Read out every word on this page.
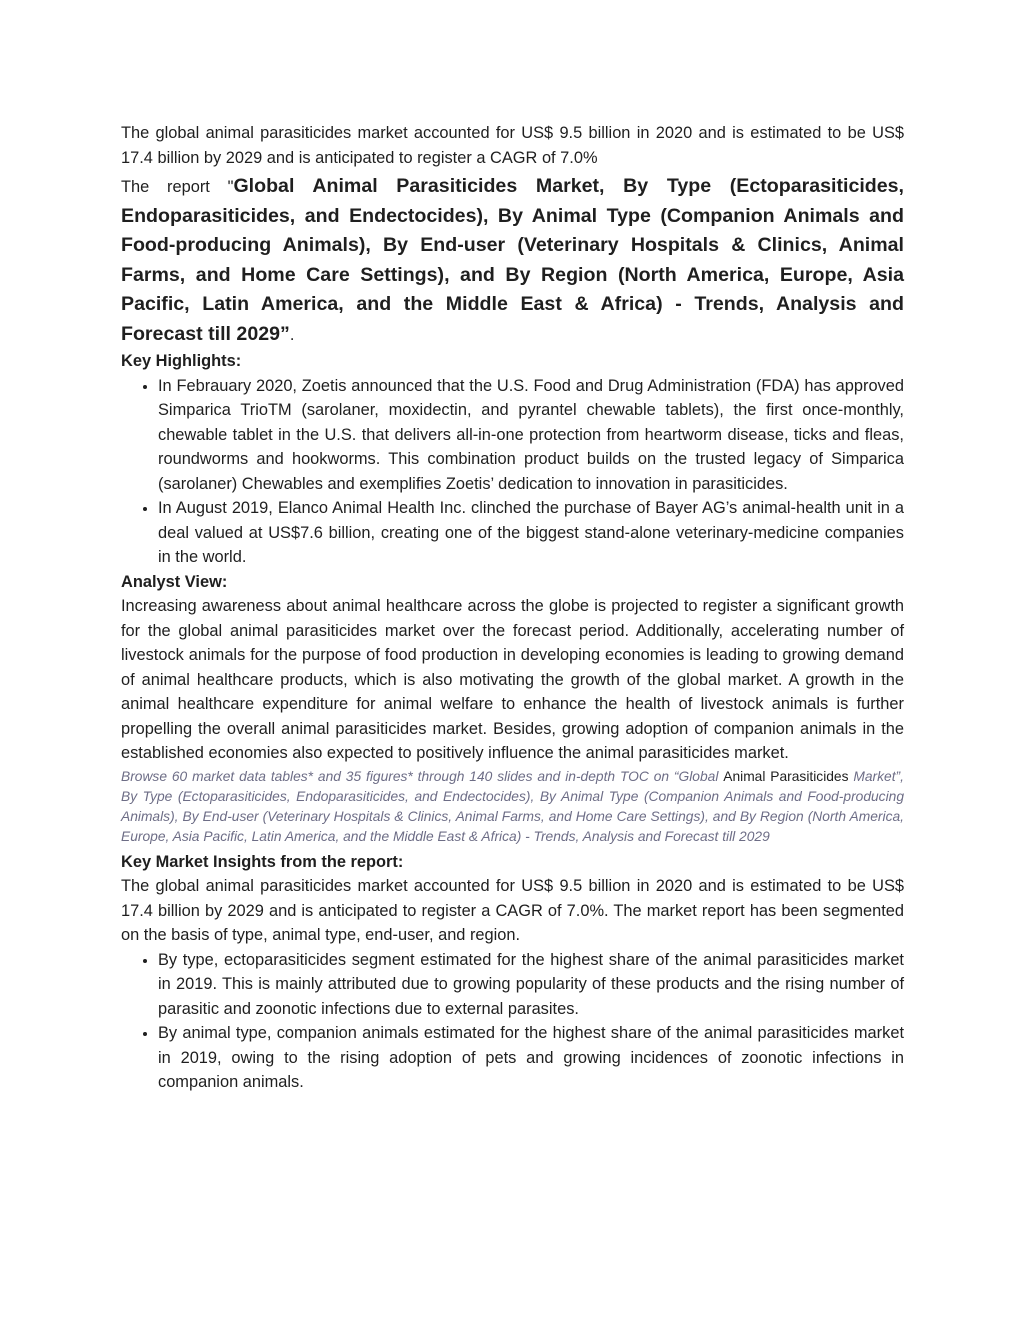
The global animal parasiticides market accounted for US$ 9.5 billion in 2020 and is estimated to be US$ 17.4 billion by 2029 and is anticipated to register a CAGR of 7.0%

The report "Global Animal Parasiticides Market, By Type (Ectoparasiticides, Endoparasiticides, and Endectocides), By Animal Type (Companion Animals and Food-producing Animals), By End-user (Veterinary Hospitals & Clinics, Animal Farms, and Home Care Settings), and By Region (North America, Europe, Asia Pacific, Latin America, and the Middle East & Africa) - Trends, Analysis and Forecast till 2029”.

Key Highlights:

• In Febrauary 2020, Zoetis announced that the U.S. Food and Drug Administration (FDA) has approved Simparica TrioTM (sarolaner, moxidectin, and pyrantel chewable tablets), the first once-monthly, chewable tablet in the U.S. that delivers all-in-one protection from heartworm disease, ticks and fleas, roundworms and hookworms. This combination product builds on the trusted legacy of Simparica (sarolaner) Chewables and exemplifies Zoetis’ dedication to innovation in parasiticides.
• In August 2019, Elanco Animal Health Inc. clinched the purchase of Bayer AG’s animal-health unit in a deal valued at US$7.6 billion, creating one of the biggest stand-alone veterinary-medicine companies in the world.

Analyst View:

Increasing awareness about animal healthcare across the globe is projected to register a significant growth for the global animal parasiticides market over the forecast period. Additionally, accelerating number of livestock animals for the purpose of food production in developing economies is leading to growing demand of animal healthcare products, which is also motivating the growth of the global market. A growth in the animal healthcare expenditure for animal welfare to enhance the health of livestock animals is further propelling the overall animal parasiticides market. Besides, growing adoption of companion animals in the established economies also expected to positively influence the animal parasiticides market.

Browse 60 market data tables* and 35 figures* through 140 slides and in-depth TOC on “Global Animal Parasiticides Market”, By Type (Ectoparasiticides, Endoparasiticides, and Endectocides), By Animal Type (Companion Animals and Food-producing Animals), By End-user (Veterinary Hospitals & Clinics, Animal Farms, and Home Care Settings), and By Region (North America, Europe, Asia Pacific, Latin America, and the Middle East & Africa) - Trends, Analysis and Forecast till 2029

Key Market Insights from the report:

The global animal parasiticides market accounted for US$ 9.5 billion in 2020 and is estimated to be US$ 17.4 billion by 2029 and is anticipated to register a CAGR of 7.0%. The market report has been segmented on the basis of type, animal type, end-user, and region.

• By type, ectoparasiticides segment estimated for the highest share of the animal parasiticides market in 2019. This is mainly attributed due to growing popularity of these products and the rising number of parasitic and zoonotic infections due to external parasites.
• By animal type, companion animals estimated for the highest share of the animal parasiticides market in 2019, owing to the rising adoption of pets and growing incidences of zoonotic infections in companion animals.
